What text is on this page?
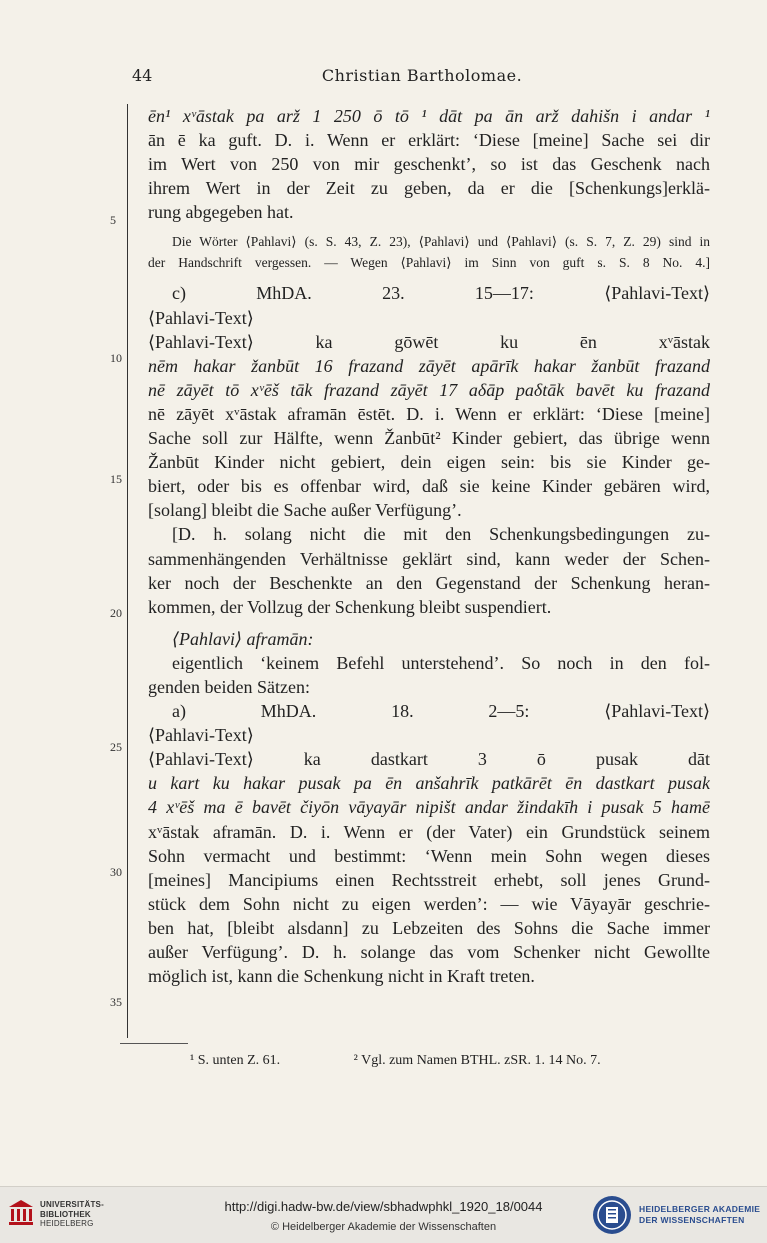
44	Christian Bartholomae.
5
10
15
20
25
30
35
ēn¹ xᵛāstak pa arž 1 250 ō tō ¹ dāt pa ān arž dahišn i andar ¹
ān ē ka guft. D. i. Wenn er erklärt: ‘Diese [meine] Sache sei dir
im Wert von 250 von mir geschenkt’, so ist das Geschenk nach
ihrem Wert in der Zeit zu geben, da er die [Schenkungs]erklä-
rung abgegeben hat.
Die Wörter ⟨Pahlavi⟩ (s. S. 43, Z. 23), ⟨Pahlavi⟩ und ⟨Pahlavi⟩ (s. S. 7, Z. 29) sind in
der Handschrift vergessen. — Wegen ⟨Pahlavi⟩ im Sinn von guft s. S. 8 No. 4.]
c) MhDA. 23. 15—17: ⟨Pahlavi-Text⟩
⟨Pahlavi-Text⟩
⟨Pahlavi-Text⟩ ka gōwēt ku ēn xᵛāstak
nēm hakar žanbūt 16 frazand zāyēt apārīk hakar žanbūt frazand
nē zāyēt tō xᵛēš tāk frazand zāyēt 17 aδāp paδtāk bavēt ku frazand
nē zāyēt xᵛāstak aframān ēstēt. D. i. Wenn er erklärt: ‘Diese [meine]
Sache soll zur Hälfte, wenn Žanbūt² Kinder gebiert, das übrige wenn
Žanbūt Kinder nicht gebiert, dein eigen sein: bis sie Kinder ge-
biert, oder bis es offenbar wird, daß sie keine Kinder gebären wird,
[solang] bleibt die Sache außer Verfügung’.
[D. h. solang nicht die mit den Schenkungsbedingungen zu-
sammenhängenden Verhältnisse geklärt sind, kann weder der Schen-
ker noch der Beschenkte an den Gegenstand der Schenkung heran-
kommen, der Vollzug der Schenkung bleibt suspendiert.
⟨Pahlavi⟩ aframān:
eigentlich ‘keinem Befehl unterstehend’. So noch in den fol-
genden beiden Sätzen:
a) MhDA. 18. 2—5: ⟨Pahlavi-Text⟩
⟨Pahlavi-Text⟩
⟨Pahlavi-Text⟩ ka dastkart 3 ō pusak dāt
u kart ku hakar pusak pa ēn anšahrīk patkārēt ēn dastkart pusak
4 xᵛēš ma ē bavēt čiyōn vāyayār nipišt andar žindakīh i pusak 5 hamē
xᵛāstak aframān. D. i. Wenn er (der Vater) ein Grundstück seinem
Sohn vermacht und bestimmt: ‘Wenn mein Sohn wegen dieses
[meines] Mancipiums einen Rechtsstreit erhebt, soll jenes Grund-
stück dem Sohn nicht zu eigen werden’: — wie Vāyayār geschrie-
ben hat, [bleibt alsdann] zu Lebzeiten des Sohns die Sache immer
außer Verfügung’. D. h. solange das vom Schenker nicht Gewollte
möglich ist, kann die Schenkung nicht in Kraft treten.
¹ S. unten Z. 61.	² Vgl. zum Namen BTHL. zSR. 1. 14 No. 7.
UNIVERSITÄTS-
BIBLIOTHEK
HEIDELBERG
http://digi.hadw-bw.de/view/sbhadwphkl_1920_18/0044
© Heidelberger Akademie der Wissenschaften
HEIDELBERGER AKADEMIE
DER WISSENSCHAFTEN
